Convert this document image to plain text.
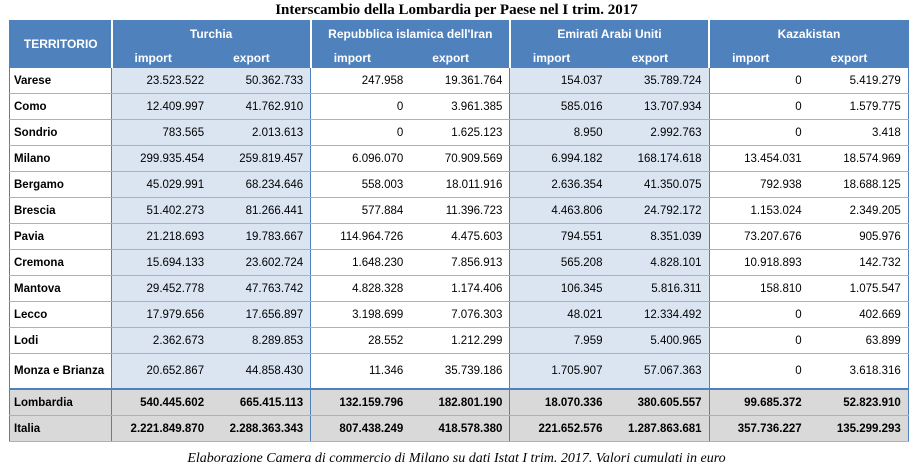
Interscambio della Lombardia per Paese nel I trim. 2017
TERRITORIO	Turchia		Repubblica islamica dell'Iran		Emirati Arabi Uniti		Kazakistan	
	import	export	import	export	import	export	import	export
Varese	23.523.522	50.362.733	247.958	19.361.764	154.037	35.789.724	0	5.419.279
Como	12.409.997	41.762.910	0	3.961.385	585.016	13.707.934	0	1.579.775
Sondrio	783.565	2.013.613	0	1.625.123	8.950	2.992.763	0	3.418
Milano	299.935.454	259.819.457	6.096.070	70.909.569	6.994.182	168.174.618	13.454.031	18.574.969
Bergamo	45.029.991	68.234.646	558.003	18.011.916	2.636.354	41.350.075	792.938	18.688.125
Brescia	51.402.273	81.266.441	577.884	11.396.723	4.463.806	24.792.172	1.153.024	2.349.205
Pavia	21.218.693	19.783.667	114.964.726	4.475.603	794.551	8.351.039	73.207.676	905.976
Cremona	15.694.133	23.602.724	1.648.230	7.856.913	565.208	4.828.101	10.918.893	142.732
Mantova	29.452.778	47.763.742	4.828.328	1.174.406	106.345	5.816.311	158.810	1.075.547
Lecco	17.979.656	17.656.897	3.198.699	7.076.303	48.021	12.334.492	0	402.669
Lodi	2.362.673	8.289.853	28.552	1.212.299	7.959	5.400.965	0	63.899
Monza e Brianza	20.652.867	44.858.430	11.346	35.739.186	1.705.907	57.067.363	0	3.618.316
Lombardia	540.445.602	665.415.113	132.159.796	182.801.190	18.070.336	380.605.557	99.685.372	52.823.910
Italia	2.221.849.870	2.288.363.343	807.438.249	418.578.380	221.652.576	1.287.863.681	357.736.227	135.299.293
Elaborazione Camera di commercio di Milano su dati Istat I trim. 2017. Valori cumulati in euro
